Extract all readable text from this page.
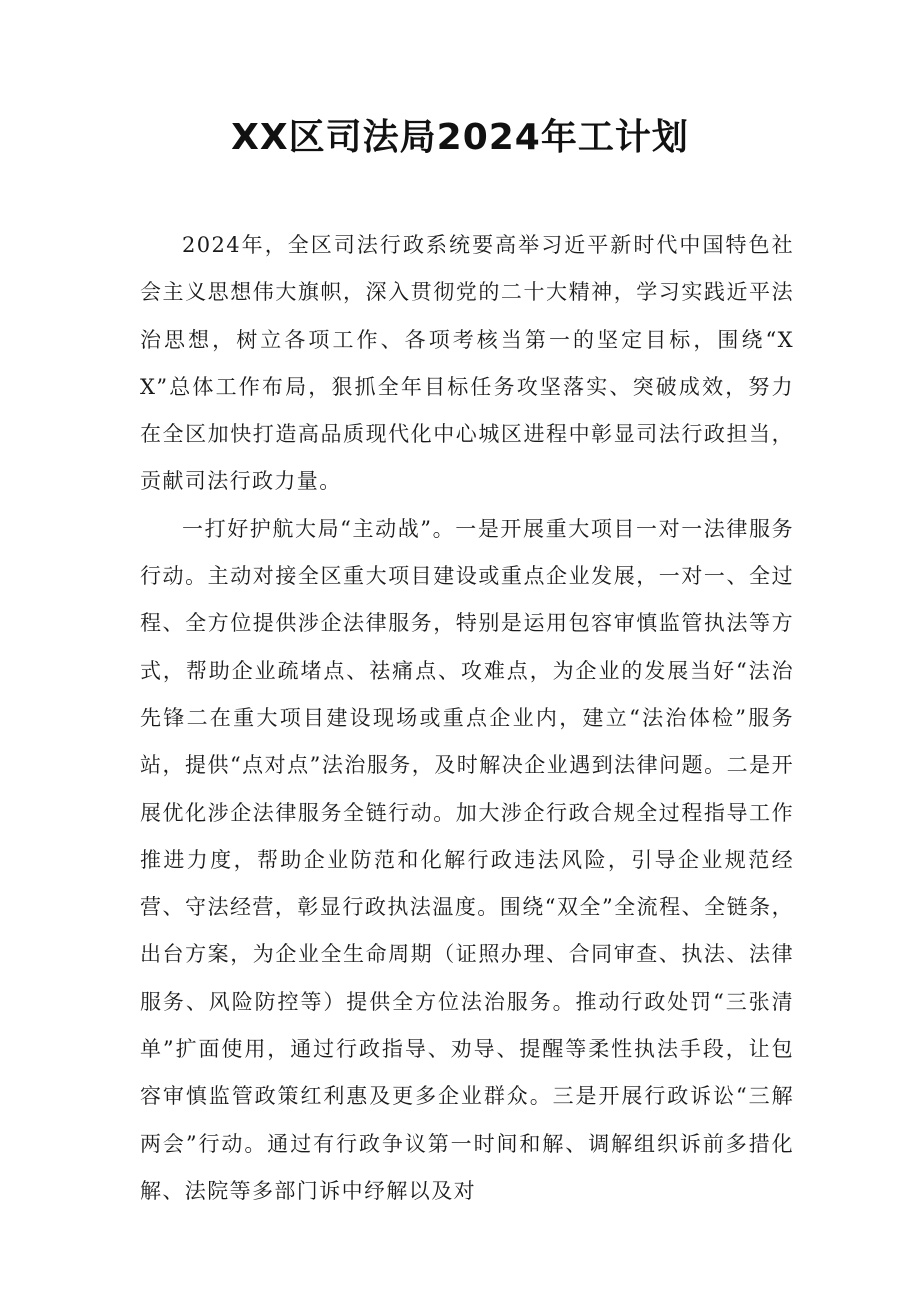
XX区司法局2024年工计划

2024年，全区司法行政系统要高举习近平新时代中国特色社会主义思想伟大旗帜，深入贯彻党的二十大精神，学习实践近平法治思想，树立各项工作、各项考核当第一的坚定目标，围绕“XX”总体工作布局，狠抓全年目标任务攻坚落实、突破成效，努力在全区加快打造高品质现代化中心城区进程中彰显司法行政担当，贡献司法行政力量。

一打好护航大局“主动战”。一是开展重大项目一对一法律服务行动。主动对接全区重大项目建设或重点企业发展，一对一、全过程、全方位提供涉企法律服务，特别是运用包容审慎监管执法等方式，帮助企业疏堵点、祛痛点、攻难点，为企业的发展当好“法治先锋二在重大项目建设现场或重点企业内，建立“法治体检”服务站，提供“点对点”法治服务，及时解决企业遇到法律问题。二是开展优化涉企法律服务全链行动。加大涉企行政合规全过程指导工作推进力度，帮助企业防范和化解行政违法风险，引导企业规范经营、守法经营，彰显行政执法温度。围绕“双全”全流程、全链条，出台方案，为企业全生命周期（证照办理、合同审查、执法、法律服务、风险防控等）提供全方位法治服务。推动行政处罚“三张清单”扩面使用，通过行政指导、劝导、提醒等柔性执法手段，让包容审慎监管政策红利惠及更多企业群众。三是开展行政诉讼“三解两会”行动。通过有行政争议第一时间和解、调解组织诉前多措化解、法院等多部门诉中纾解以及对
